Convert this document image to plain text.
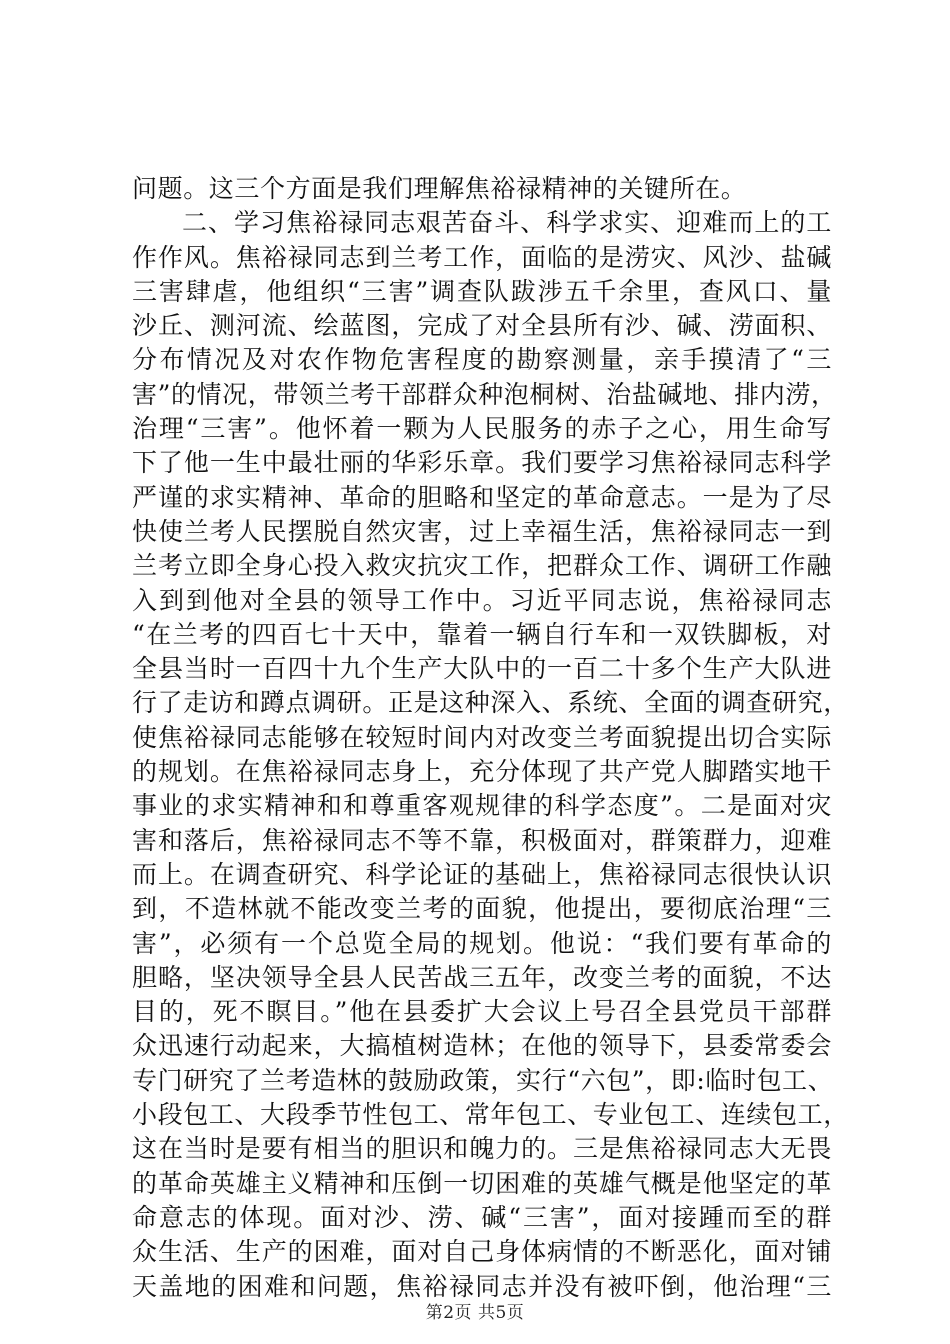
问题。这三个方面是我们理解焦裕禄精神的关键所在。
二、学习焦裕禄同志艰苦奋斗、科学求实、迎难而上的工
作作风。焦裕禄同志到兰考工作，面临的是涝灾、风沙、盐碱
三害肆虐，他组织“三害”调查队跋涉五千余里，查风口、量
沙丘、测河流、绘蓝图，完成了对全县所有沙、碱、涝面积、
分布情况及对农作物危害程度的勘察测量，亲手摸清了“三
害”的情况，带领兰考干部群众种泡桐树、治盐碱地、排内涝，
治理“三害”。他怀着一颗为人民服务的赤子之心，用生命写
下了他一生中最壮丽的华彩乐章。我们要学习焦裕禄同志科学
严谨的求实精神、革命的胆略和坚定的革命意志。一是为了尽
快使兰考人民摆脱自然灾害，过上幸福生活，焦裕禄同志一到
兰考立即全身心投入救灾抗灾工作，把群众工作、调研工作融
入到到他对全县的领导工作中。习近平同志说，焦裕禄同志
“在兰考的四百七十天中，靠着一辆自行车和一双铁脚板，对
全县当时一百四十九个生产大队中的一百二十多个生产大队进
行了走访和蹲点调研。正是这种深入、系统、全面的调查研究，
使焦裕禄同志能够在较短时间内对改变兰考面貌提出切合实际
的规划。在焦裕禄同志身上，充分体现了共产党人脚踏实地干
事业的求实精神和和尊重客观规律的科学态度”。二是面对灾
害和落后，焦裕禄同志不等不靠，积极面对，群策群力，迎难
而上。在调查研究、科学论证的基础上，焦裕禄同志很快认识
到，不造林就不能改变兰考的面貌，他提出，要彻底治理“三
害”，必须有一个总览全局的规划。他说：“我们要有革命的
胆略，坚决领导全县人民苦战三五年，改变兰考的面貌，不达
目的，死不瞑目。”他在县委扩大会议上号召全县党员干部群
众迅速行动起来，大搞植树造林；在他的领导下，县委常委会
专门研究了兰考造林的鼓励政策，实行“六包”，即:临时包工、
小段包工、大段季节性包工、常年包工、专业包工、连续包工，
这在当时是要有相当的胆识和魄力的。三是焦裕禄同志大无畏
的革命英雄主义精神和压倒一切困难的英雄气概是他坚定的革
命意志的体现。面对沙、涝、碱“三害”，面对接踵而至的群
众生活、生产的困难，面对自己身体病情的不断恶化，面对铺
天盖地的困难和问题，焦裕禄同志并没有被吓倒，他治理“三
第2页 共5页
